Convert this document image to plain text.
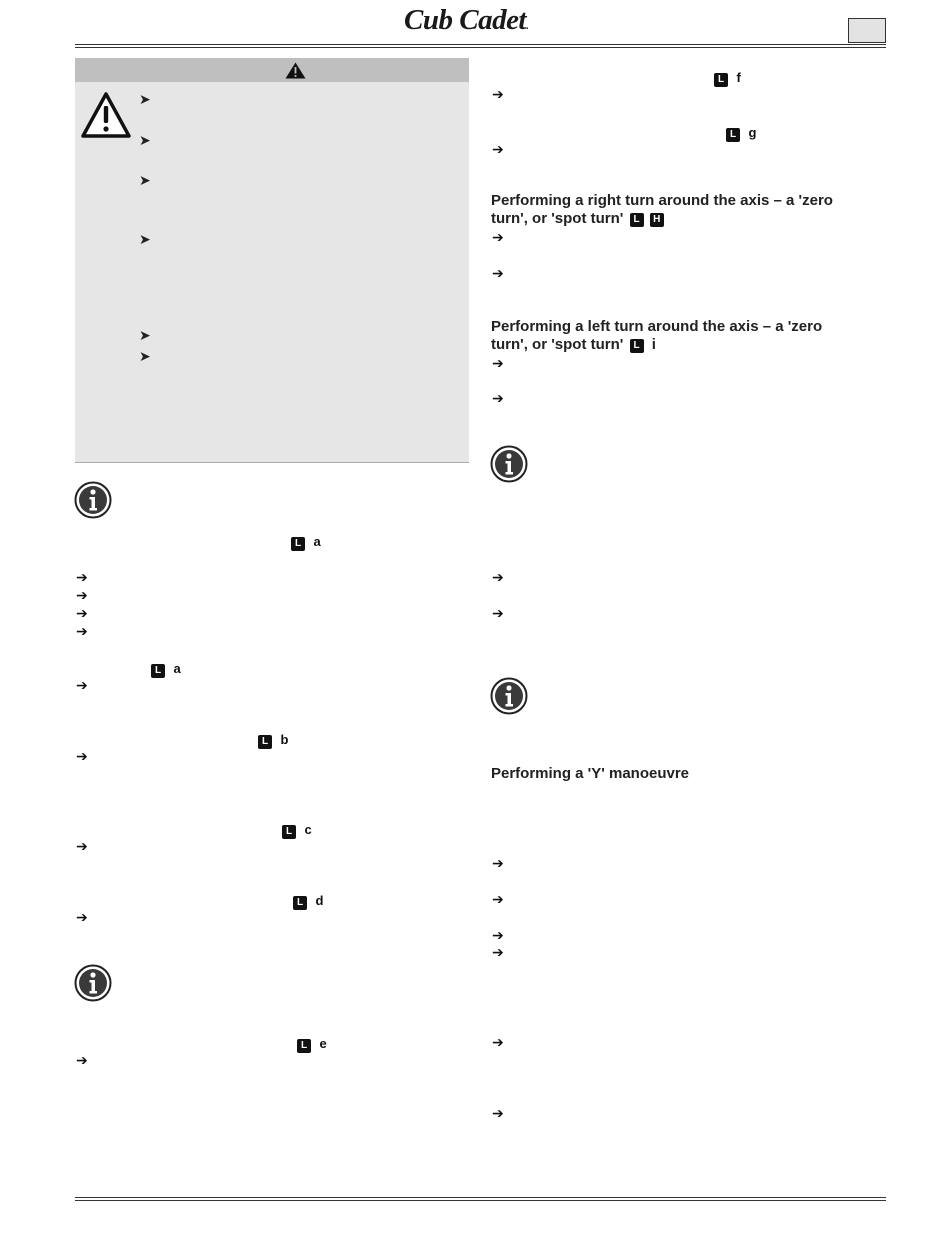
Cub Cadet.
➤
➤
➤
➤
➤
➤
L a
➔
➔
➔
➔
L a
➔
L b
➔
L c
➔
L d
➔
L e
➔
L f
➔
L g
➔
Performing a right turn around the axis – a 'zero
turn', or 'spot turn' L H
➔
➔
Performing a left turn around the axis – a 'zero
turn', or 'spot turn' L i
➔
➔
➔
➔
Performing a 'Y' manoeuvre
➔
➔
➔
➔
➔
➔
